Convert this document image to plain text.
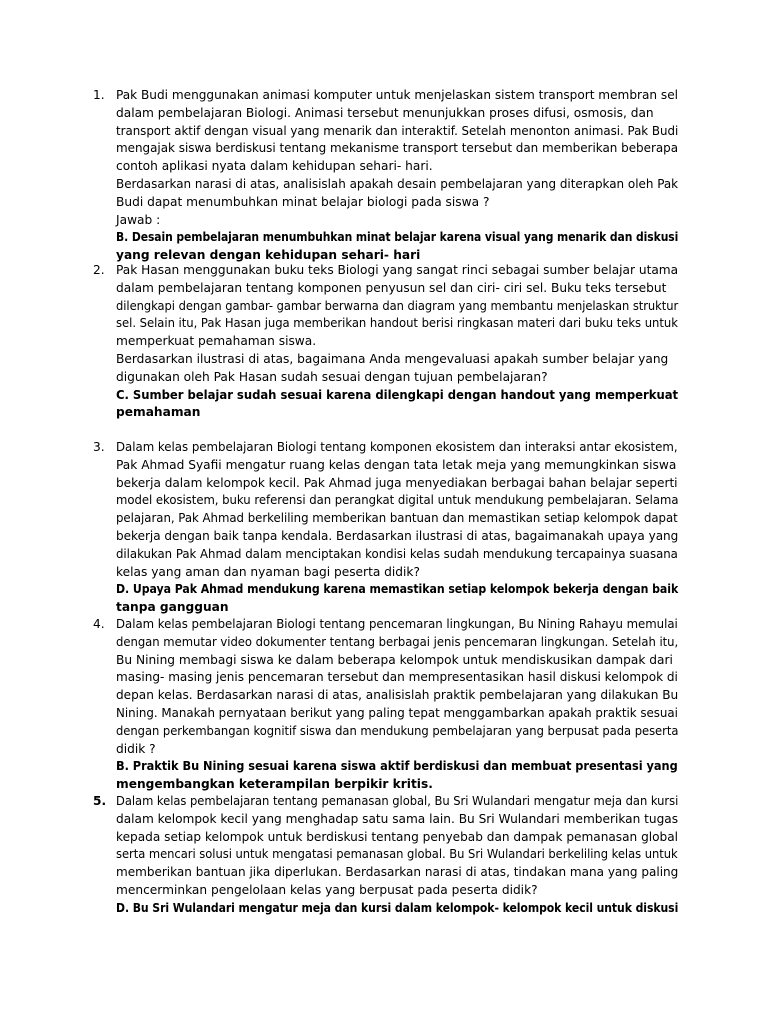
1. Pak Budi menggunakan animasi komputer untuk menjelaskan sistem transport membran sel

dalam pembelajaran Biologi. Animasi tersebut menunjukkan proses difusi, osmosis, dan

transport aktif dengan visual yang menarik dan interaktif. Setelah menonton animasi. Pak Budi

mengajak siswa berdiskusi tentang mekanisme transport tersebut dan memberikan beberapa

contoh aplikasi nyata dalam kehidupan sehari- hari.

Berdasarkan narasi di atas, analisislah apakah desain pembelajaran yang diterapkan oleh Pak

Budi dapat menumbuhkan minat belajar biologi pada siswa ?

Jawab :

B. Desain pembelajaran menumbuhkan minat belajar karena visual yang menarik dan diskusi

yang relevan dengan kehidupan sehari- hari

2. Pak Hasan menggunakan buku teks Biologi yang sangat rinci sebagai sumber belajar utama

dalam pembelajaran tentang komponen penyusun sel dan ciri- ciri sel. Buku teks tersebut

dilengkapi dengan gambar- gambar berwarna dan diagram yang membantu menjelaskan struktur

sel. Selain itu, Pak Hasan juga memberikan handout berisi ringkasan materi dari buku teks untuk

memperkuat pemahaman siswa.

Berdasarkan ilustrasi di atas, bagaimana Anda mengevaluasi apakah sumber belajar yang

digunakan oleh Pak Hasan sudah sesuai dengan tujuan pembelajaran?

C. Sumber belajar sudah sesuai karena dilengkapi dengan handout yang memperkuat

pemahaman

3. Dalam kelas pembelajaran Biologi tentang komponen ekosistem dan interaksi antar ekosistem,

Pak Ahmad Syafii mengatur ruang kelas dengan tata letak meja yang memungkinkan siswa

bekerja dalam kelompok kecil. Pak Ahmad juga menyediakan berbagai bahan belajar seperti

model ekosistem, buku referensi dan perangkat digital untuk mendukung pembelajaran. Selama

pelajaran, Pak Ahmad berkeliling memberikan bantuan dan memastikan setiap kelompok dapat

bekerja dengan baik tanpa kendala. Berdasarkan ilustrasi di atas, bagaimanakah upaya yang

dilakukan Pak Ahmad dalam menciptakan kondisi kelas sudah mendukung tercapainya suasana

kelas yang aman dan nyaman bagi peserta didik?

D. Upaya Pak Ahmad mendukung karena memastikan setiap kelompok bekerja dengan baik

tanpa gangguan

4. Dalam kelas pembelajaran Biologi tentang pencemaran lingkungan, Bu Nining Rahayu memulai

dengan memutar video dokumenter tentang berbagai jenis pencemaran lingkungan. Setelah itu,

Bu Nining membagi siswa ke dalam beberapa kelompok untuk mendiskusikan dampak dari

masing- masing jenis pencemaran tersebut dan mempresentasikan hasil diskusi kelompok di

depan kelas. Berdasarkan narasi di atas, analisislah praktik pembelajaran yang dilakukan Bu

Nining. Manakah pernyataan berikut yang paling tepat menggambarkan apakah praktik sesuai

dengan perkembangan kognitif siswa dan mendukung pembelajaran yang berpusat pada peserta

didik ?

B. Praktik Bu Nining sesuai karena siswa aktif berdiskusi dan membuat presentasi yang

mengembangkan keterampilan berpikir kritis.

5. Dalam kelas pembelajaran tentang pemanasan global, Bu Sri Wulandari mengatur meja dan kursi

dalam kelompok kecil yang menghadap satu sama lain. Bu Sri Wulandari memberikan tugas

kepada setiap kelompok untuk berdiskusi tentang penyebab dan dampak pemanasan global

serta mencari solusi untuk mengatasi pemanasan global. Bu Sri Wulandari berkeliling kelas untuk

memberikan bantuan jika diperlukan. Berdasarkan narasi di atas, tindakan mana yang paling

mencerminkan pengelolaan kelas yang berpusat pada peserta didik?

D. Bu Sri Wulandari mengatur meja dan kursi dalam kelompok- kelompok kecil untuk diskusi
